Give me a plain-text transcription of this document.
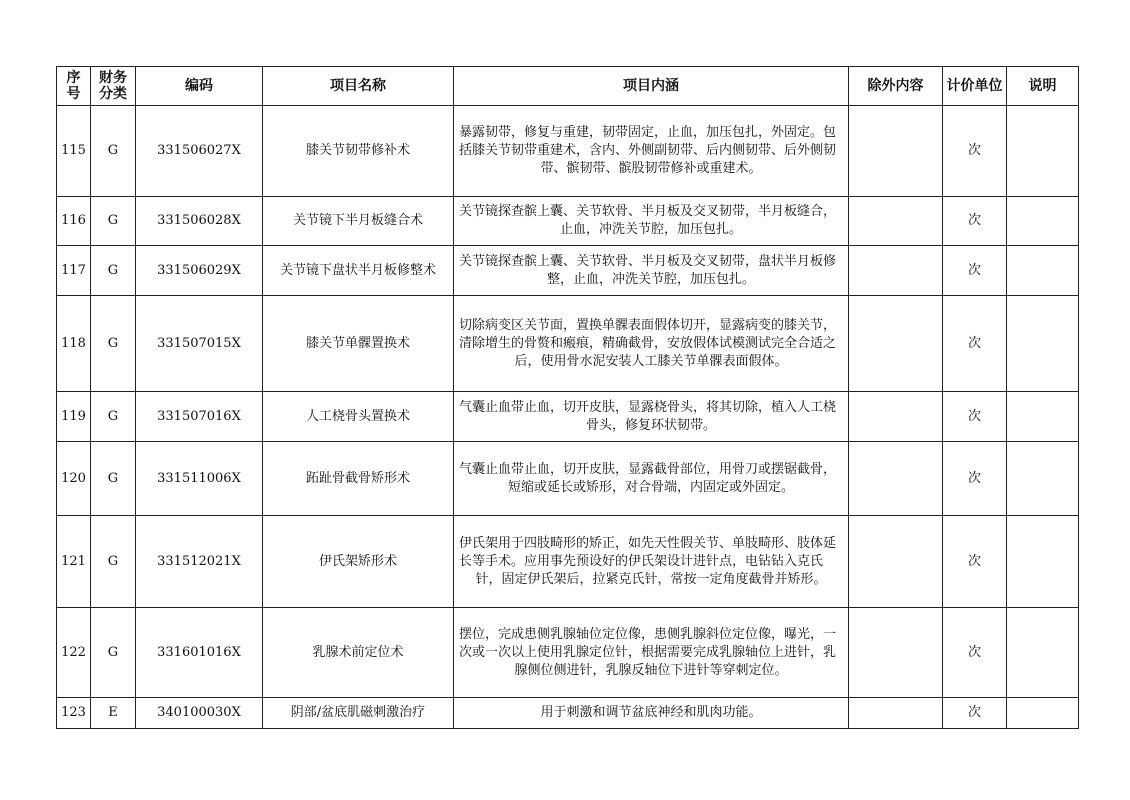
序号	财务分类	编码	项目名称	项目内涵	除外内容	计价单位	说明
115	G	331506027X	膝关节韧带修补术	暴露韧带，修复与重建，韧带固定，止血，加压包扎，外固定。包括膝关节韧带重建术，含内、外侧副韧带、后内侧韧带、后外侧韧带、髌韧带、髌股韧带修补或重建术。		次	
116	G	331506028X	关节镜下半月板缝合术	关节镜探查髌上囊、关节软骨、半月板及交叉韧带，半月板缝合，止血，冲洗关节腔，加压包扎。		次	
117	G	331506029X	关节镜下盘状半月板修整术	关节镜探查髌上囊、关节软骨、半月板及交叉韧带，盘状半月板修整，止血，冲洗关节腔，加压包扎。		次	
118	G	331507015X	膝关节单髁置换术	切除病变区关节面，置换单髁表面假体切开，显露病变的膝关节，清除增生的骨赘和瘢痕，精确截骨，安放假体试模测试完全合适之后，使用骨水泥安装人工膝关节单髁表面假体。		次	
119	G	331507016X	人工桡骨头置换术	气囊止血带止血，切开皮肤，显露桡骨头，将其切除，植入人工桡骨头，修复环状韧带。		次	
120	G	331511006X	跖趾骨截骨矫形术	气囊止血带止血，切开皮肤，显露截骨部位，用骨刀或摆锯截骨，短缩或延长或矫形，对合骨端，内固定或外固定。		次	
121	G	331512021X	伊氏架矫形术	伊氏架用于四肢畸形的矫正，如先天性假关节、单肢畸形、肢体延长等手术。应用事先预设好的伊氏架设计进针点，电钻钻入克氏针，固定伊氏架后，拉紧克氏针，常按一定角度截骨并矫形。		次	
122	G	331601016X	乳腺术前定位术	摆位，完成患侧乳腺轴位定位像，患侧乳腺斜位定位像，曝光，一次或一次以上使用乳腺定位针，根据需要完成乳腺轴位上进针，乳腺侧位侧进针，乳腺反轴位下进针等穿刺定位。		次	
123	E	340100030X	阴部/盆底肌磁刺激治疗	用于刺激和调节盆底神经和肌肉功能。		次	
